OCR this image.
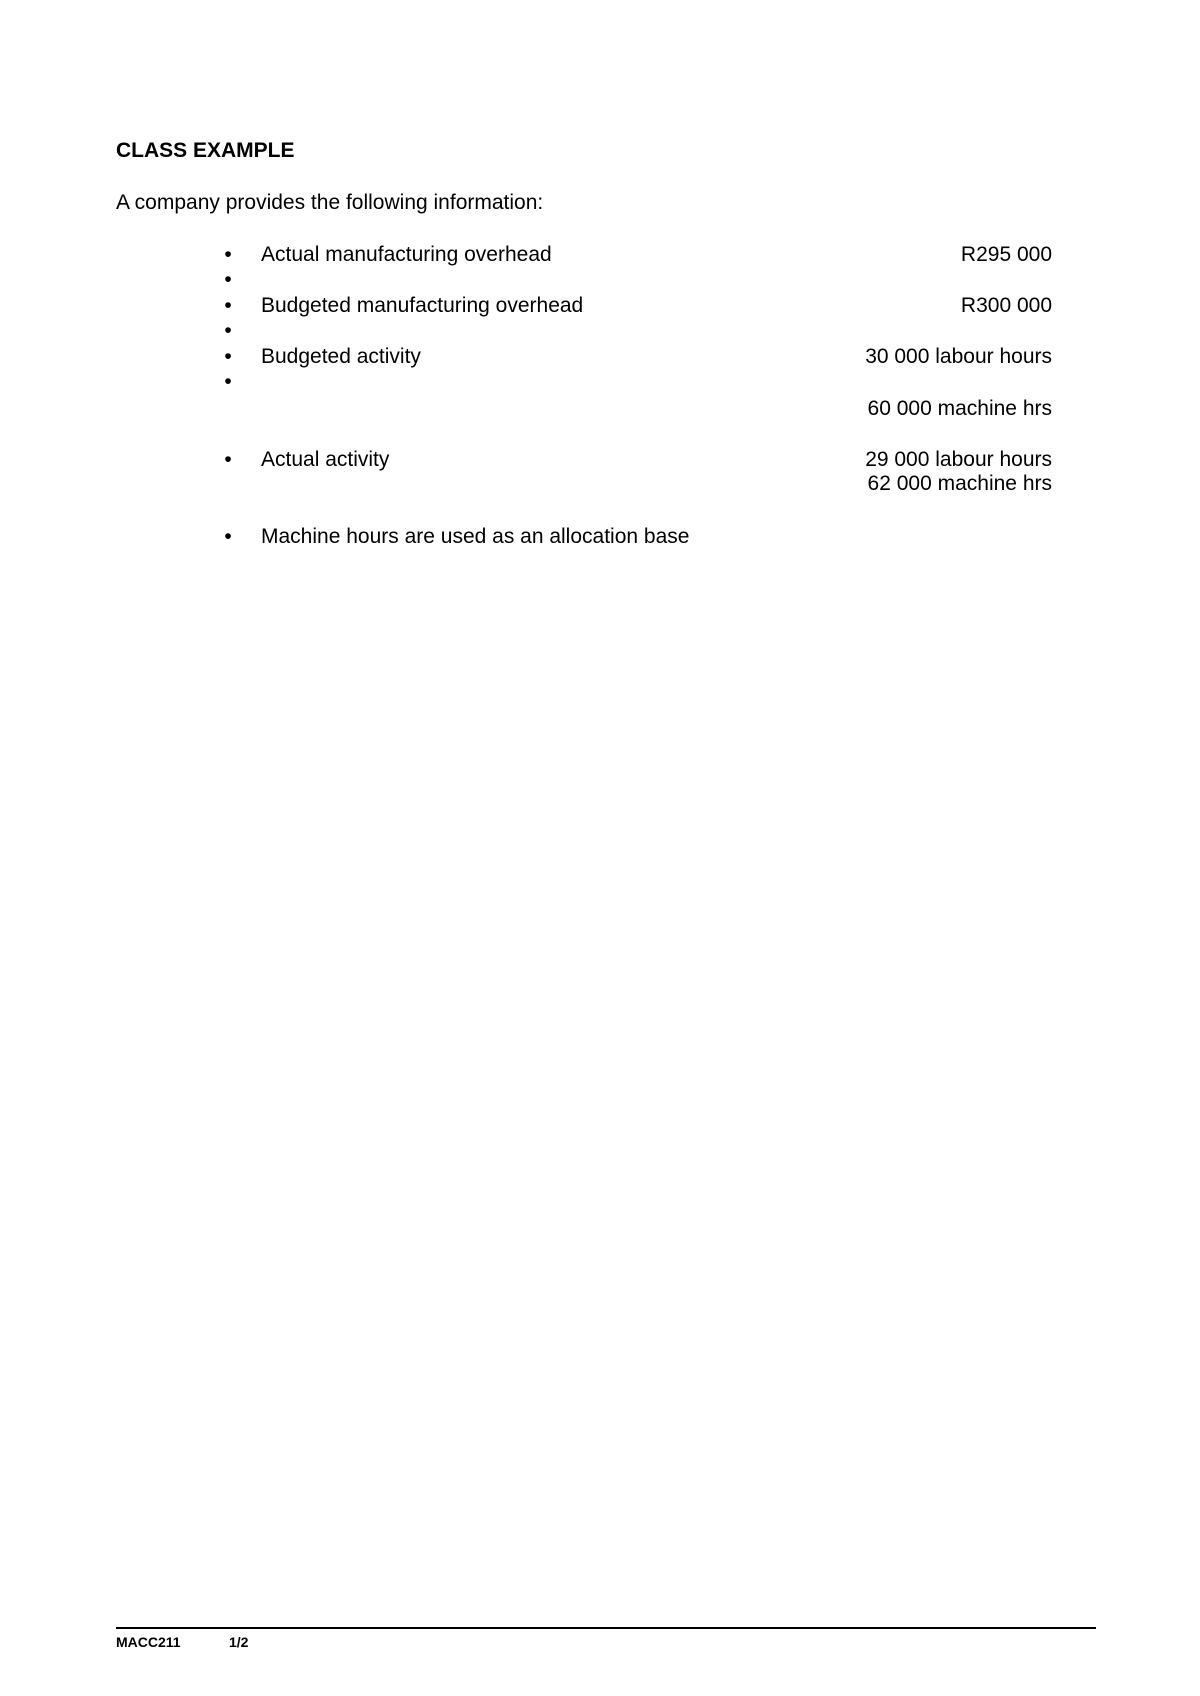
CLASS EXAMPLE
A company provides the following information:
• Actual manufacturing overhead	R295 000
•
• Budgeted manufacturing overhead	R300 000
•
• Budgeted activity	30 000 labour hours
•
60 000 machine hrs
• Actual activity	29 000 labour hours
62 000 machine hrs
• Machine hours are used as an allocation base
MACC211	1/2
